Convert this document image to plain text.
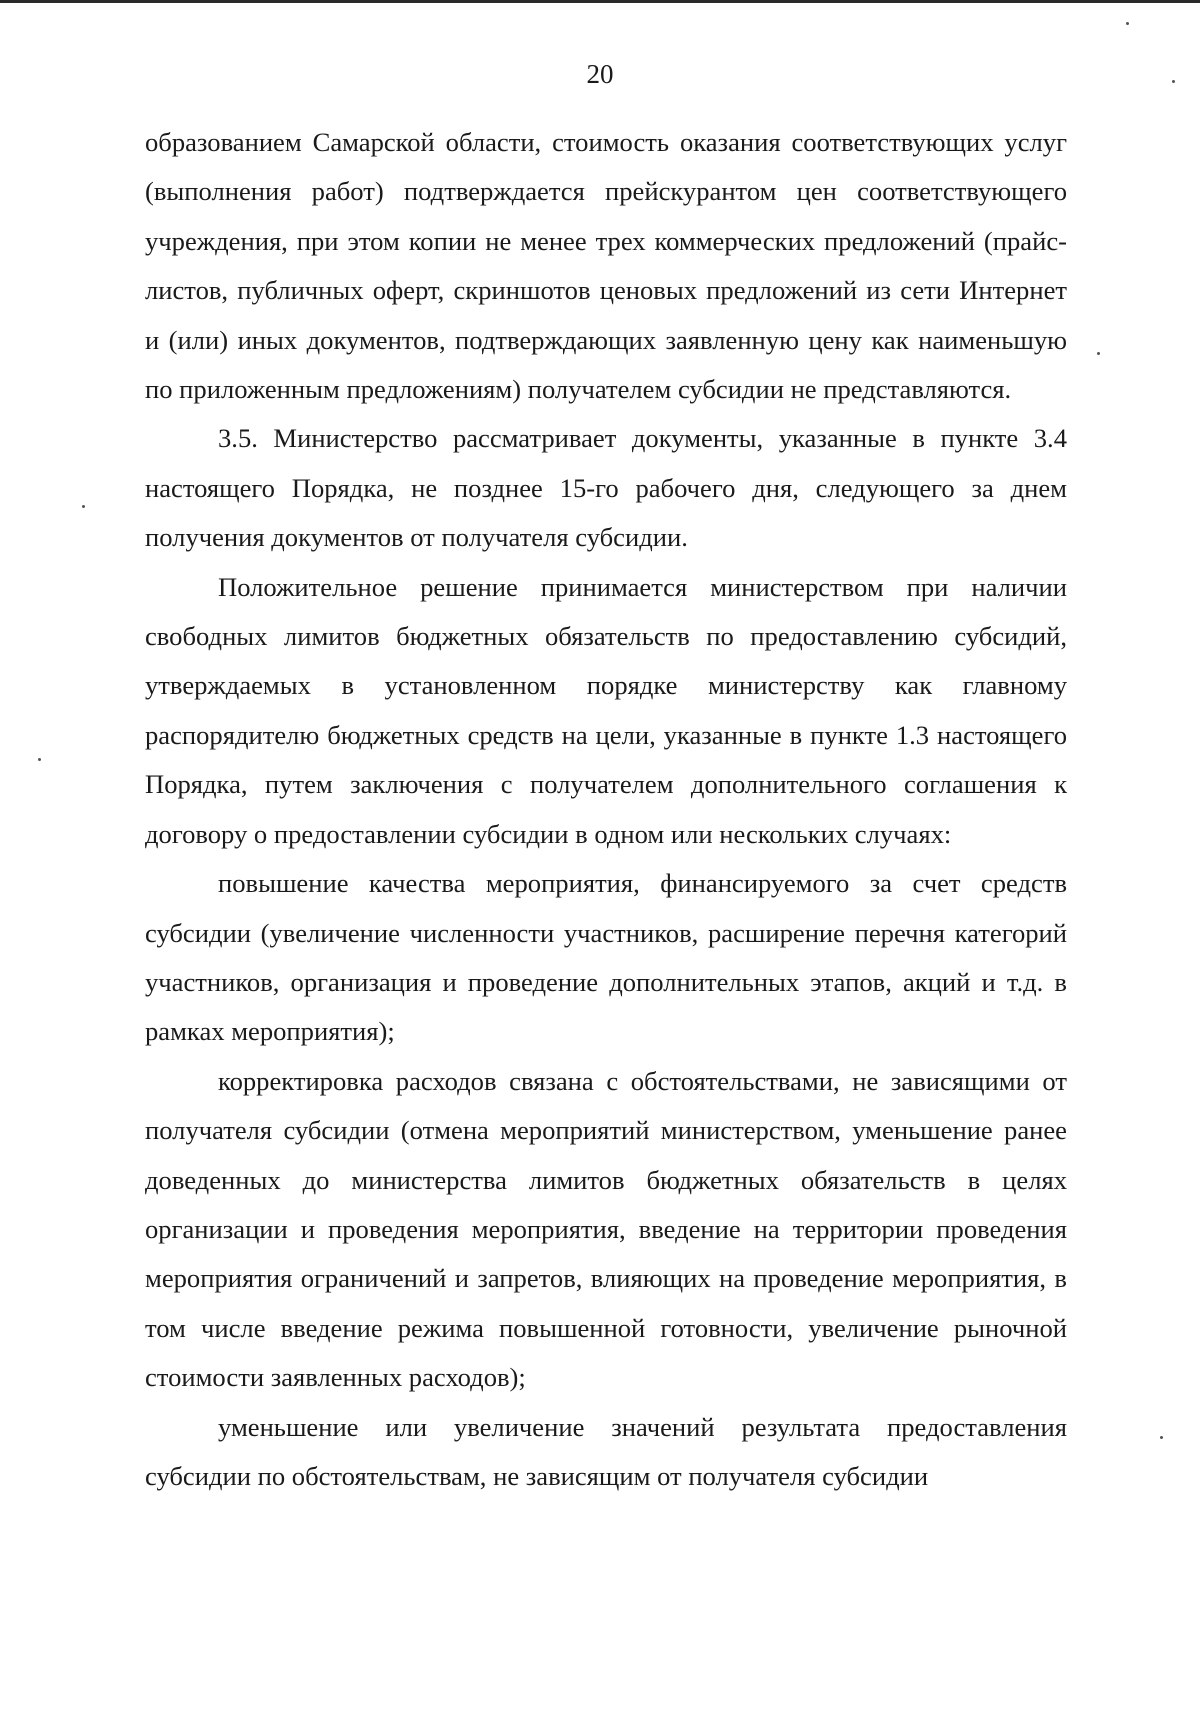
20

образованием Самарской области, стоимость оказания соответствующих услуг (выполнения работ) подтверждается прейскурантом цен соответствующего учреждения, при этом копии не менее трех коммерческих предложений (прайс-листов, публичных оферт, скриншотов ценовых предложений из сети Интернет и (или) иных документов, подтверждающих заявленную цену как наименьшую по приложенным предложениям) получателем субсидии не представляются.

3.5. Министерство рассматривает документы, указанные в пункте 3.4 настоящего Порядка, не позднее 15-го рабочего дня, следующего за днем получения документов от получателя субсидии.

Положительное решение принимается министерством при наличии свободных лимитов бюджетных обязательств по предоставлению субсидий, утверждаемых в установленном порядке министерству как главному распорядителю бюджетных средств на цели, указанные в пункте 1.3 настоящего Порядка, путем заключения с получателем дополнительного соглашения к договору о предоставлении субсидии в одном или нескольких случаях:

повышение качества мероприятия, финансируемого за счет средств субсидии (увеличение численности участников, расширение перечня категорий участников, организация и проведение дополнительных этапов, акций и т.д. в рамках мероприятия);

корректировка расходов связана с обстоятельствами, не зависящими от получателя субсидии (отмена мероприятий министерством, уменьшение ранее доведенных до министерства лимитов бюджетных обязательств в целях организации и проведения мероприятия, введение на территории проведения мероприятия ограничений и запретов, влияющих на проведение мероприятия, в том числе введение режима повышенной готовности, увеличение рыночной стоимости заявленных расходов);

уменьшение или увеличение значений результата предоставления субсидии по обстоятельствам, не зависящим от получателя субсидии
